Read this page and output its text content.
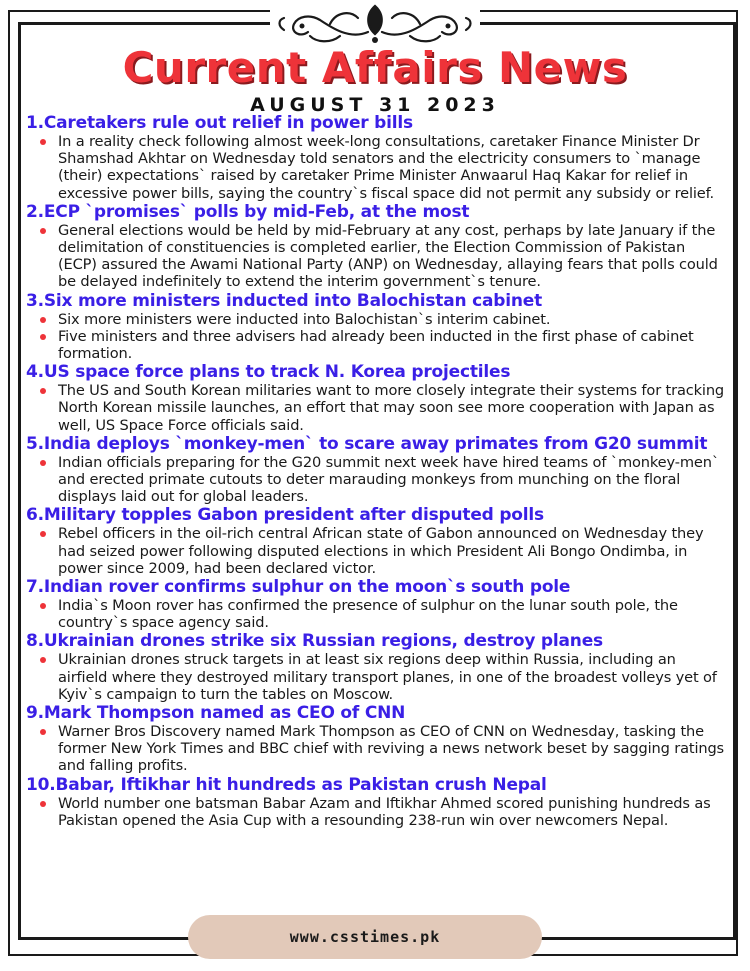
Current Affairs News
AUGUST 31 2023
1.Caretakers rule out relief in power bills
In a reality check following almost week-long consultations, caretaker Finance Minister Dr Shamshad Akhtar on Wednesday told senators and the electricity consumers to `manage (their) expectations` raised by caretaker Prime Minister Anwaarul Haq Kakar for relief in excessive power bills, saying the country`s fiscal space did not permit any subsidy or relief.
2.ECP `promises` polls by mid-Feb, at the most
General elections would be held by mid-February at any cost, perhaps by late January if the delimitation of constituencies is completed earlier, the Election Commission of Pakistan (ECP) assured the Awami National Party (ANP) on Wednesday, allaying fears that polls could be delayed indefinitely to extend the interim government`s tenure.
3.Six more ministers inducted into Balochistan cabinet
Six more ministers were inducted into Balochistan`s interim cabinet.
Five ministers and three advisers had already been inducted in the first phase of cabinet formation.
4.US space force plans to track N. Korea projectiles
The US and South Korean militaries want to more closely integrate their systems for tracking North Korean missile launches, an effort that may soon see more cooperation with Japan as well, US Space Force officials said.
5.India deploys `monkey-men` to scare away primates from G20 summit
Indian officials preparing for the G20 summit next week have hired teams of `monkey-men` and erected primate cutouts to deter marauding monkeys from munching on the floral displays laid out for global leaders.
6.Military topples Gabon president after disputed polls
Rebel officers in the oil-rich central African state of Gabon announced on Wednesday they had seized power following disputed elections in which President Ali Bongo Ondimba, in power since 2009, had been declared victor.
7.Indian rover confirms sulphur on the moon`s south pole
India`s Moon rover has confirmed the presence of sulphur on the lunar south pole, the country`s space agency said.
8.Ukrainian drones strike six Russian regions, destroy planes
Ukrainian drones struck targets in at least six regions deep within Russia, including an airfield where they destroyed military transport planes, in one of the broadest volleys yet of Kyiv`s campaign to turn the tables on Moscow.
9.Mark Thompson named as CEO of CNN
Warner Bros Discovery named Mark Thompson as CEO of CNN on Wednesday, tasking the former New York Times and BBC chief with reviving a news network beset by sagging ratings and falling profits.
10.Babar, Iftikhar hit hundreds as Pakistan crush Nepal
World number one batsman Babar Azam and Iftikhar Ahmed scored punishing hundreds as Pakistan opened the Asia Cup with a resounding 238-run win over newcomers Nepal.
www.csstimes.pk
